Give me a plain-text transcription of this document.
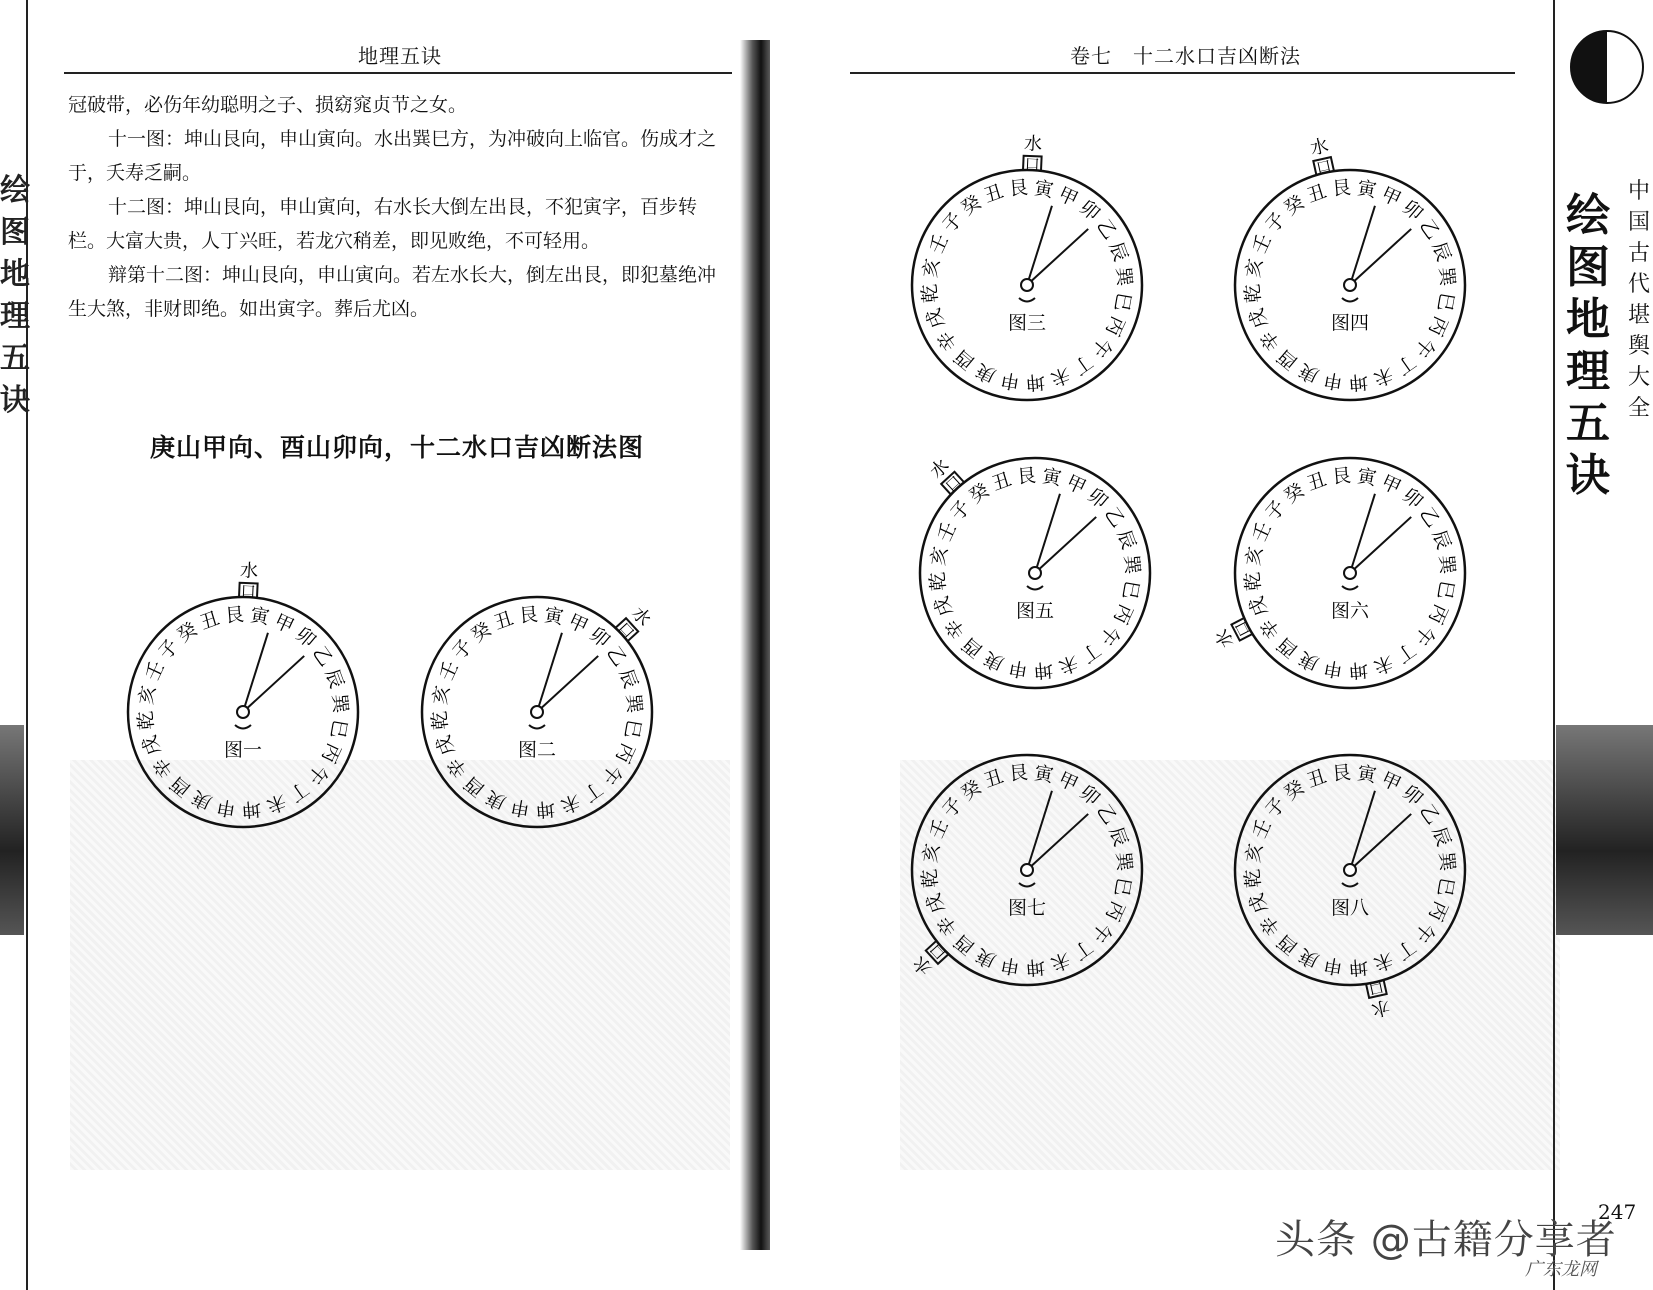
绘
图
地
理
五
诀
地理五诀

冠破带，必伤年幼聪明之子、损窈窕贞节之女。

十一图：坤山艮向，申山寅向。水出巽巳方，为冲破向上临官。伤成才之于，夭寿乏嗣。

十二图：坤山艮向，申山寅向，右水长大倒左出艮，不犯寅字，百步转栏。大富大贵，人丁兴旺，若龙穴稍差，即见败绝，不可轻用。

辩第十二图：坤山艮向，申山寅向。若左水长大，倒左出艮，即犯墓绝冲生大煞，非财即绝。如出寅字。葬后尤凶。

庚山甲向、酉山卯向，十二水口吉凶断法图
卷七　十二水口吉凶断法
绘
图
地
理
五
诀
中
国
古
代
堪
舆
大
全
247
寅 甲
卯
乙
辰
巽
巳
丙
午
丁
未
坤
申
庚
酉
辛
戌
乾
亥
壬
子
癸
丑 艮
图一
口
水
寅 甲
卯
乙
辰
巽
巳
丙
午
丁
未
坤
申
庚
酉
辛
戌
乾
亥
壬
子
癸
丑 艮
图二
口
水
寅 甲
卯
乙
辰
巽
巳
丙
午
丁
未
坤
申
庚
酉
辛
戌
乾
亥
壬
子
癸
丑 艮
图三
口
水
寅 甲
卯
乙
辰
巽
巳
丙
午
丁
未
坤
申
庚
酉
辛
戌
乾
亥
壬
子
癸
丑 艮
图四
口
水
寅 甲
卯
乙
辰
巽
巳
丙
午
丁
未
坤
申
庚
酉
辛
戌
乾
亥
壬
子
癸
丑 艮
图五
口
水	寅 甲
卯
乙
辰
巽
巳
丙
午
丁
未
坤
申
庚
酉
辛
戌
乾
亥
壬
子
癸
丑 艮
图六
口
水
寅 甲
卯
乙
辰
巽
巳
丙
午
丁
未
坤
申
庚
酉
辛
戌
乾
亥
壬
子
癸
丑 艮
图七
口
水
寅 甲
卯
乙
辰
巽
巳
丙
午
丁
未
坤
申
庚
酉
辛
戌
乾
亥
壬
子
癸
丑 艮
图八
口
水
头条 @古籍分享者
广东龙网
